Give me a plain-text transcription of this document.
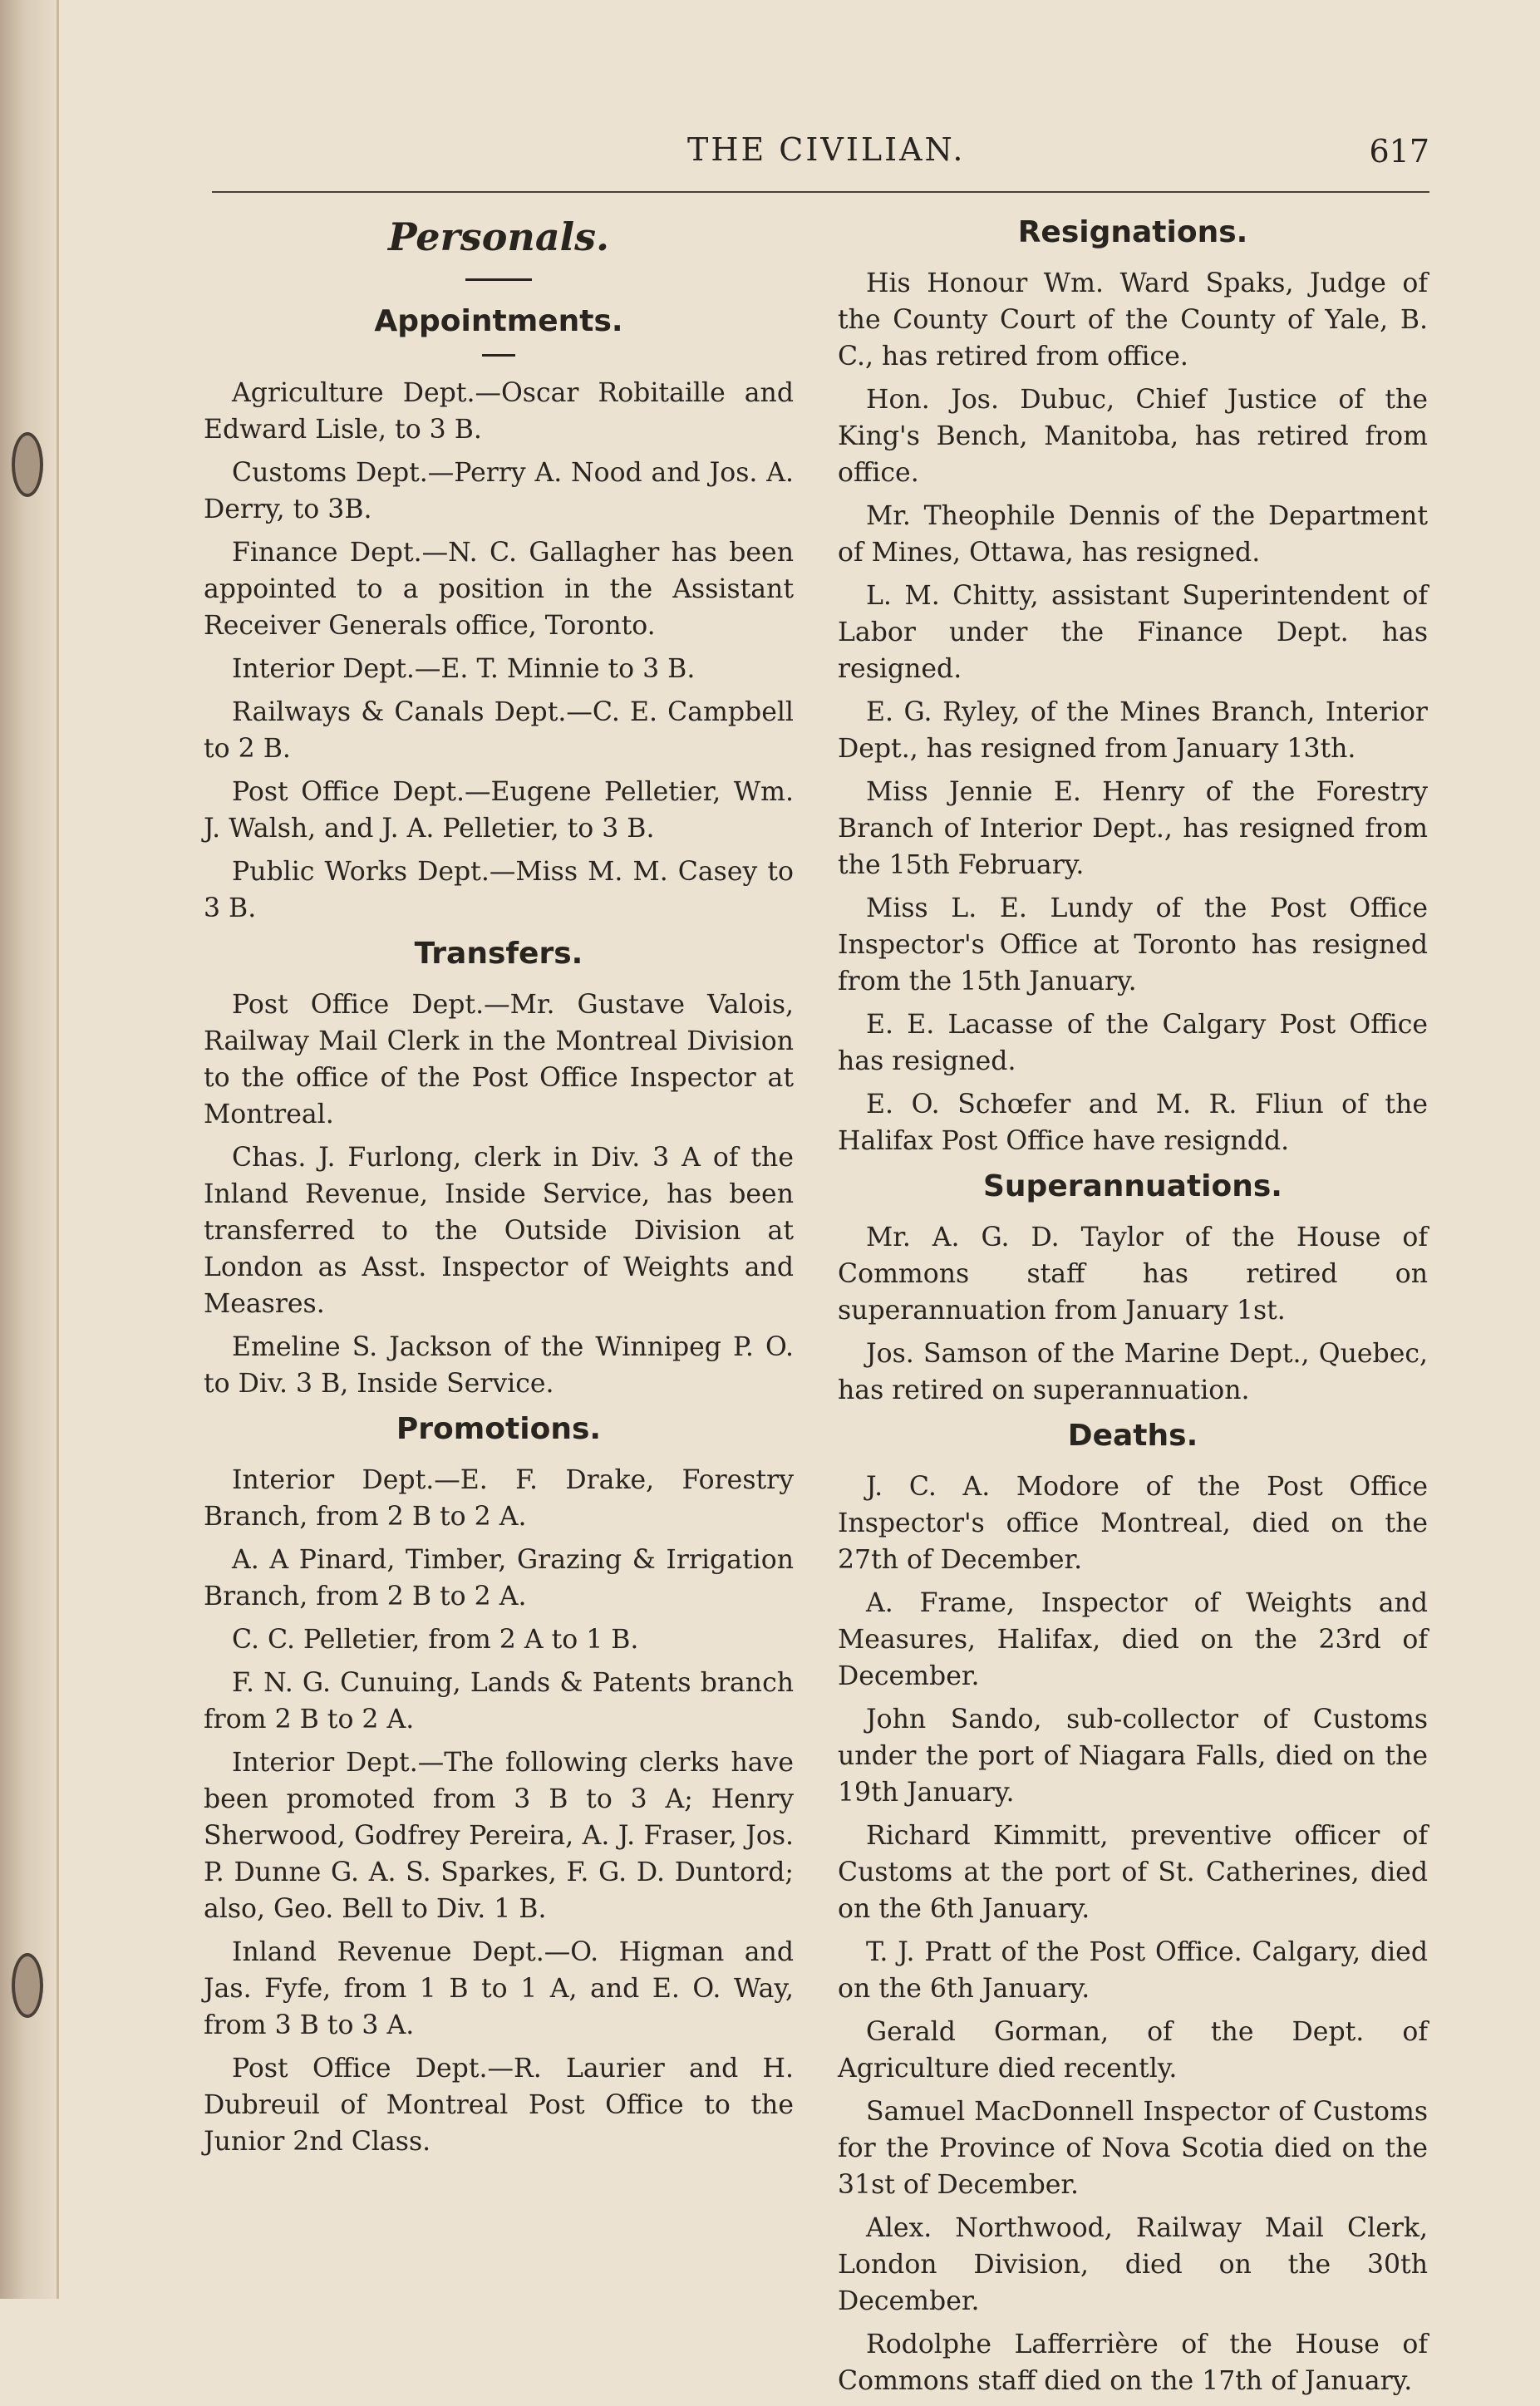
THE CIVILIAN.	617
Personals.
Appointments.

Agriculture Dept.—Oscar Robitaille and Edward Lisle, to 3 B.

Customs Dept.—Perry A. Nood and Jos. A. Derry, to 3B.

Finance Dept.—N. C. Gallagher has been appointed to a position in the Assistant Receiver Generals office, Toronto.

Interior Dept.—E. T. Minnie to 3 B.

Railways & Canals Dept.—C. E. Campbell to 2 B.

Post Office Dept.—Eugene Pelletier, Wm. J. Walsh, and J. A. Pelletier, to 3 B.

Public Works Dept.—Miss M. M. Casey to 3 B.

Transfers.

Post Office Dept.—Mr. Gustave Valois, Railway Mail Clerk in the Montreal Division to the office of the Post Office Inspector at Montreal.

Chas. J. Furlong, clerk in Div. 3 A of the Inland Revenue, Inside Service, has been transferred to the Outside Division at London as Asst. Inspector of Weights and Measres.

Emeline S. Jackson of the Winnipeg P. O. to Div. 3 B, Inside Service.

Promotions.

Interior Dept.—E. F. Drake, Forestry Branch, from 2 B to 2 A.

A. A Pinard, Timber, Grazing & Irrigation Branch, from 2 B to 2 A.

C. C. Pelletier, from 2 A to 1 B.

F. N. G. Cunuing, Lands & Patents branch from 2 B to 2 A.

Interior Dept.—The following clerks have been promoted from 3 B to 3 A; Henry Sherwood, Godfrey Pereira, A. J. Fraser, Jos. P. Dunne G. A. S. Sparkes, F. G. D. Duntord; also, Geo. Bell to Div. 1 B.

Inland Revenue Dept.—O. Higman and Jas. Fyfe, from 1 B to 1 A, and E. O. Way, from 3 B to 3 A.

Post Office Dept.—R. Laurier and H. Dubreuil of Montreal Post Office to the Junior 2nd Class.

Resignations.

His Honour Wm. Ward Spaks, Judge of the County Court of the County of Yale, B. C., has retired from office.

Hon. Jos. Dubuc, Chief Justice of the King's Bench, Manitoba, has retired from office.

Mr. Theophile Dennis of the Department of Mines, Ottawa, has resigned.

L. M. Chitty, assistant Superintendent of Labor under the Finance Dept. has resigned.

E. G. Ryley, of the Mines Branch, Interior Dept., has resigned from January 13th.

Miss Jennie E. Henry of the Forestry Branch of Interior Dept., has resigned from the 15th February.

Miss L. E. Lundy of the Post Office Inspector's Office at Toronto has resigned from the 15th January.

E. E. Lacasse of the Calgary Post Office has resigned.

E. O. Schœfer and M. R. Fliun of the Halifax Post Office have resigndd.

Superannuations.

Mr. A. G. D. Taylor of the House of Commons staff has retired on superannuation from January 1st.

Jos. Samson of the Marine Dept., Quebec, has retired on superannuation.

Deaths.

J. C. A. Modore of the Post Office Inspector's office Montreal, died on the 27th of December.

A. Frame, Inspector of Weights and Measures, Halifax, died on the 23rd of December.

John Sando, sub-collector of Customs under the port of Niagara Falls, died on the 19th January.

Richard Kimmitt, preventive officer of Customs at the port of St. Catherines, died on the 6th January.

T. J. Pratt of the Post Office. Calgary, died on the 6th January.

Gerald Gorman, of the Dept. of Agriculture died recently.

Samuel MacDonnell Inspector of Customs for the Province of Nova Scotia died on the 31st of December.

Alex. Northwood, Railway Mail Clerk, London Division, died on the 30th December.

Rodolphe Lafferrière of the House of Commons staff died on the 17th of January.
